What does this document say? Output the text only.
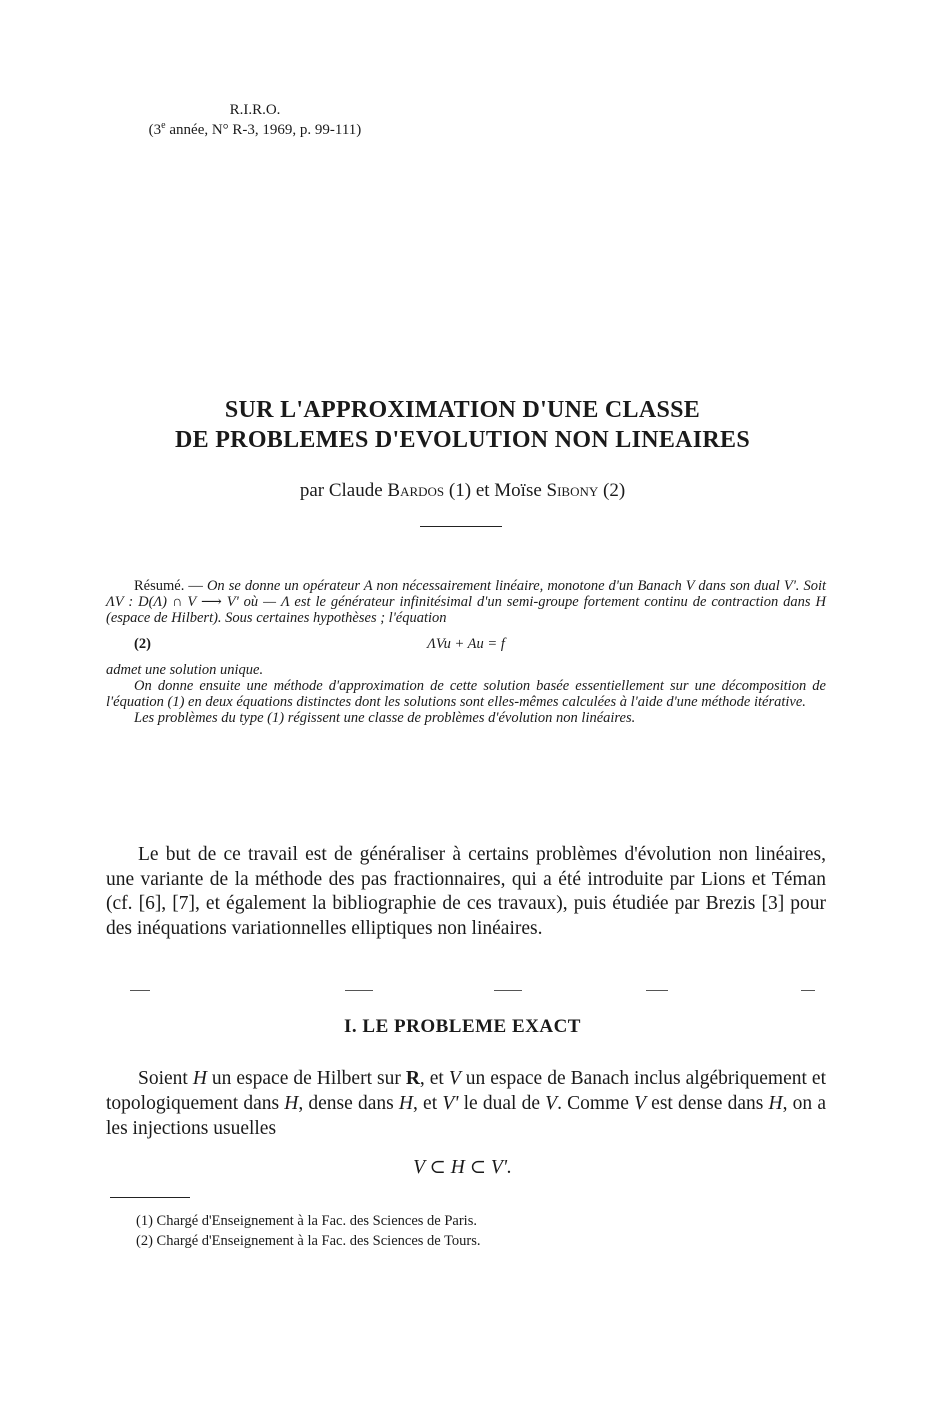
R.I.R.O.
(3e année, N° R-3, 1969, p. 99-111)
SUR L'APPROXIMATION D'UNE CLASSE
DE PROBLEMES D'EVOLUTION NON LINEAIRES
par Claude Bardos (1) et Moïse Sibony (2)

Résumé. — On se donne un opérateur A non nécessairement linéaire, monotone d'un Banach V dans son dual V'. Soit ΛV : D(Λ) ∩ V ⟶ V' où — Λ est le générateur infinitésimal d'un semi-groupe fortement continu de contraction dans H (espace de Hilbert). Sous certaines hypothèses ; l'équation

(2)	ΛVu + Au = f

admet une solution unique.

On donne ensuite une méthode d'approximation de cette solution basée essentiellement sur une décomposition de l'équation (1) en deux équations distinctes dont les solutions sont elles-mêmes calculées à l'aide d'une méthode itérative.

Les problèmes du type (1) régissent une classe de problèmes d'évolution non linéaires.

Le but de ce travail est de généraliser à certains problèmes d'évolution non linéaires, une variante de la méthode des pas fractionnaires, qui a été introduite par Lions et Téman (cf. [6], [7], et également la bibliographie de ces travaux), puis étudiée par Brezis [3] pour des inéquations variationnelles elliptiques non linéaires.

I. LE PROBLEME EXACT

Soient H un espace de Hilbert sur R, et V un espace de Banach inclus algébriquement et topologiquement dans H, dense dans H, et V' le dual de V. Comme V est dense dans H, on a les injections usuelles

V ⊂ H ⊂ V'.
(1) Chargé d'Enseignement à la Fac. des Sciences de Paris.
(2) Chargé d'Enseignement à la Fac. des Sciences de Tours.
